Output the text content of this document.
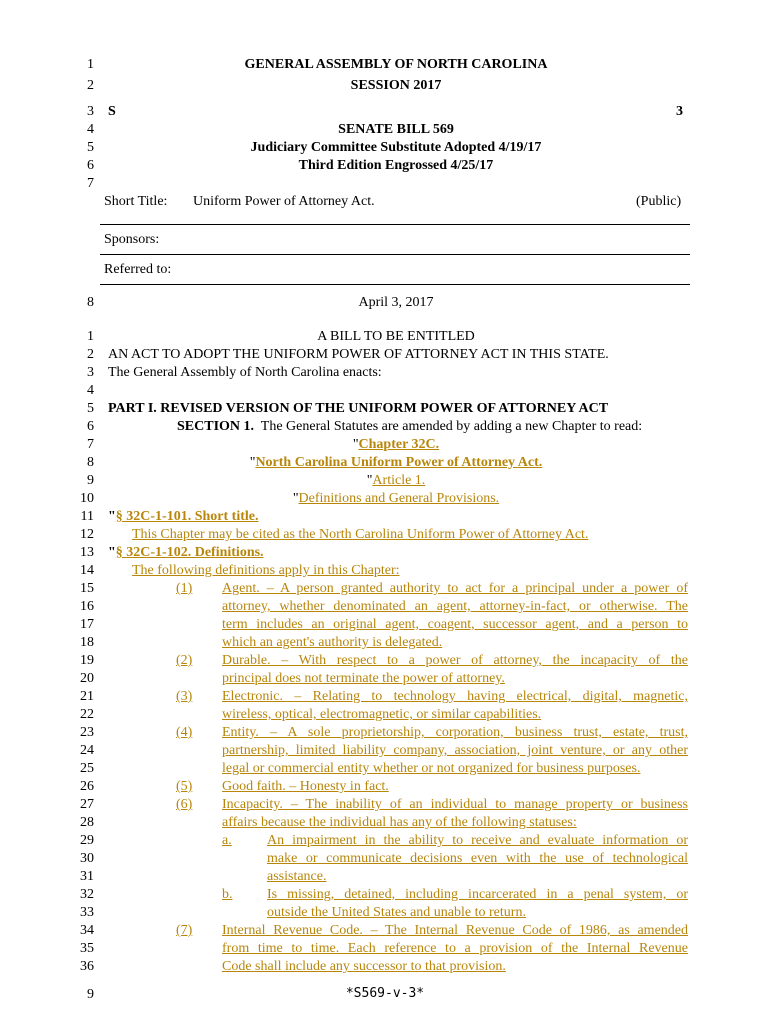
1
2
3
4
5
6
7
GENERAL ASSEMBLY OF NORTH CAROLINA
SESSION 2017
S	3
SENATE BILL 569
Judiciary Committee Substitute Adopted 4/19/17
Third Edition Engrossed 4/25/17
Short Title: Uniform Power of Attorney Act.	(Public)
Sponsors:
Referred to:
8	April 3, 2017
1
2
3
4
5
6
7
8
9
10
11
12
13
14
15
16
17
18
19
20
21
22
23
24
25
26
27
28
29
30
31
32
33
34
35
36
A BILL TO BE ENTITLED
AN ACT TO ADOPT THE UNIFORM POWER OF ATTORNEY ACT IN THIS STATE.
The General Assembly of North Carolina enacts:
PART I. REVISED VERSION OF THE UNIFORM POWER OF ATTORNEY ACT
SECTION 1. The General Statutes are amended by adding a new Chapter to read:
"Chapter 32C.
"North Carolina Uniform Power of Attorney Act.
"Article 1.
"Definitions and General Provisions.
"§ 32C-1-101. Short title.
This Chapter may be cited as the North Carolina Uniform Power of Attorney Act.
"§ 32C-1-102. Definitions.
The following definitions apply in this Chapter:
(1) Agent. – A person granted authority to act for a principal under a power of
attorney, whether denominated an agent, attorney-in-fact, or otherwise. The
term includes an original agent, coagent, successor agent, and a person to
which an agent's authority is delegated.
(2) Durable. – With respect to a power of attorney, the incapacity of the
principal does not terminate the power of attorney.
(3) Electronic. – Relating to technology having electrical, digital, magnetic,
wireless, optical, electromagnetic, or similar capabilities.
(4) Entity. – A sole proprietorship, corporation, business trust, estate, trust,
partnership, limited liability company, association, joint venture, or any other
legal or commercial entity whether or not organized for business purposes.
(5) Good faith. – Honesty in fact.
(6) Incapacity. – The inability of an individual to manage property or business
affairs because the individual has any of the following statuses:
a.	An impairment in the ability to receive and evaluate information or
make or communicate decisions even with the use of technological
assistance.
b. Is missing, detained, including incarcerated in a penal system, or
outside the United States and unable to return.
(7) Internal Revenue Code. – The Internal Revenue Code of 1986, as amended
from time to time. Each reference to a provision of the Internal Revenue
Code shall include any successor to that provision.
9	*S569-v-3*
